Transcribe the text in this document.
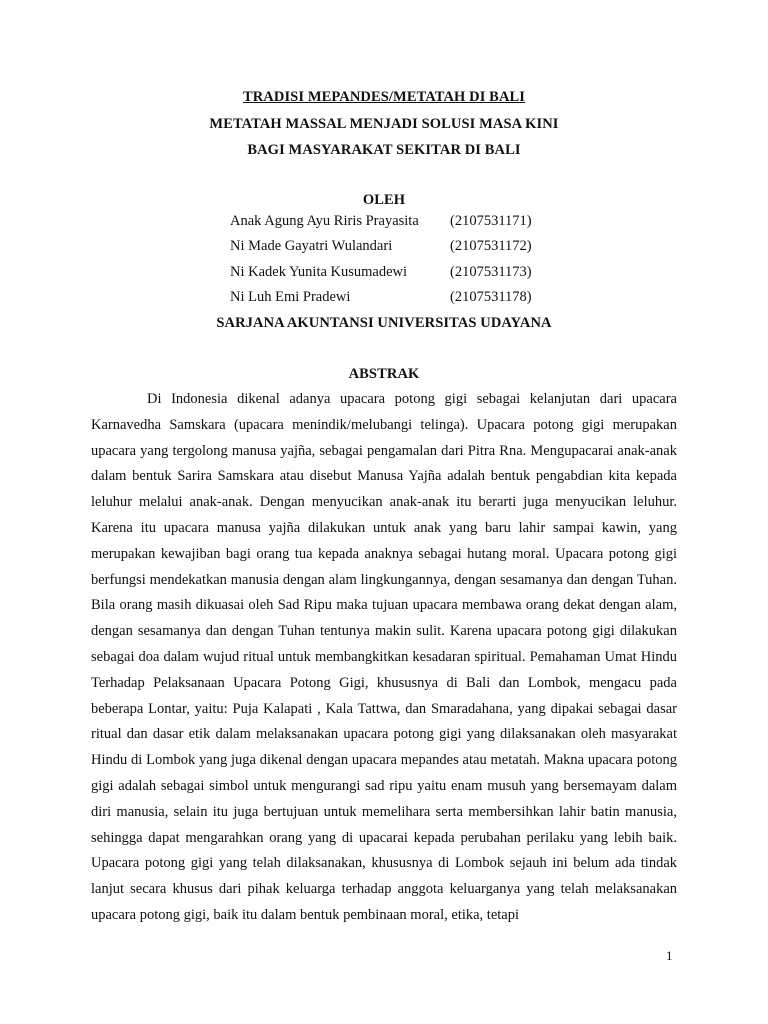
TRADISI MEPANDES/METATAH DI BALI
METATAH MASSAL MENJADI SOLUSI MASA KINI
BAGI MASYARAKAT SEKITAR DI BALI
OLEH
Anak Agung Ayu Riris Prayasita (2107531171)
Ni Made Gayatri Wulandari	(2107531172)
Ni Kadek Yunita Kusumadewi	(2107531173)
Ni Luh Emi Pradewi	(2107531178)
SARJANA AKUNTANSI UNIVERSITAS UDAYANA
ABSTRAK

Di Indonesia dikenal adanya upacara potong gigi sebagai kelanjutan dari upacara Karnavedha Samskara (upacara menindik/melubangi telinga). Upacara potong gigi merupakan upacara yang tergolong manusa yajña, sebagai pengamalan dari Pitra Rna. Mengupacarai anak-anak dalam bentuk Sarira Samskara atau disebut Manusa Yajña adalah bentuk pengabdian kita kepada leluhur melalui anak-anak. Dengan menyucikan anak-anak itu berarti juga menyucikan leluhur. Karena itu upacara manusa yajña dilakukan untuk anak yang baru lahir sampai kawin, yang merupakan kewajiban bagi orang tua kepada anaknya sebagai hutang moral. Upacara potong gigi berfungsi mendekatkan manusia dengan alam lingkungannya, dengan sesamanya dan dengan Tuhan. Bila orang masih dikuasai oleh Sad Ripu maka tujuan upacara membawa orang dekat dengan alam, dengan sesamanya dan dengan Tuhan tentunya makin sulit. Karena upacara potong gigi dilakukan sebagai doa dalam wujud ritual untuk membangkitkan kesadaran spiritual. Pemahaman Umat Hindu Terhadap Pelaksanaan Upacara Potong Gigi, khususnya di Bali dan Lombok, mengacu pada beberapa Lontar, yaitu: Puja Kalapati , Kala Tattwa, dan Smaradahana, yang dipakai sebagai dasar ritual dan dasar etik dalam melaksanakan upacara potong gigi yang dilaksanakan oleh masyarakat Hindu di Lombok yang juga dikenal dengan upacara mepandes atau metatah. Makna upacara potong gigi adalah sebagai simbol untuk mengurangi sad ripu yaitu enam musuh yang bersemayam dalam diri manusia, selain itu juga bertujuan untuk memelihara serta membersihkan lahir batin manusia, sehingga dapat mengarahkan orang yang di upacarai kepada perubahan perilaku yang lebih baik. Upacara potong gigi yang telah dilaksanakan, khususnya di Lombok sejauh ini belum ada tindak lanjut secara khusus dari pihak keluarga terhadap anggota keluarganya yang telah melaksanakan upacara potong gigi, baik itu dalam bentuk pembinaan moral, etika, tetapi

1
